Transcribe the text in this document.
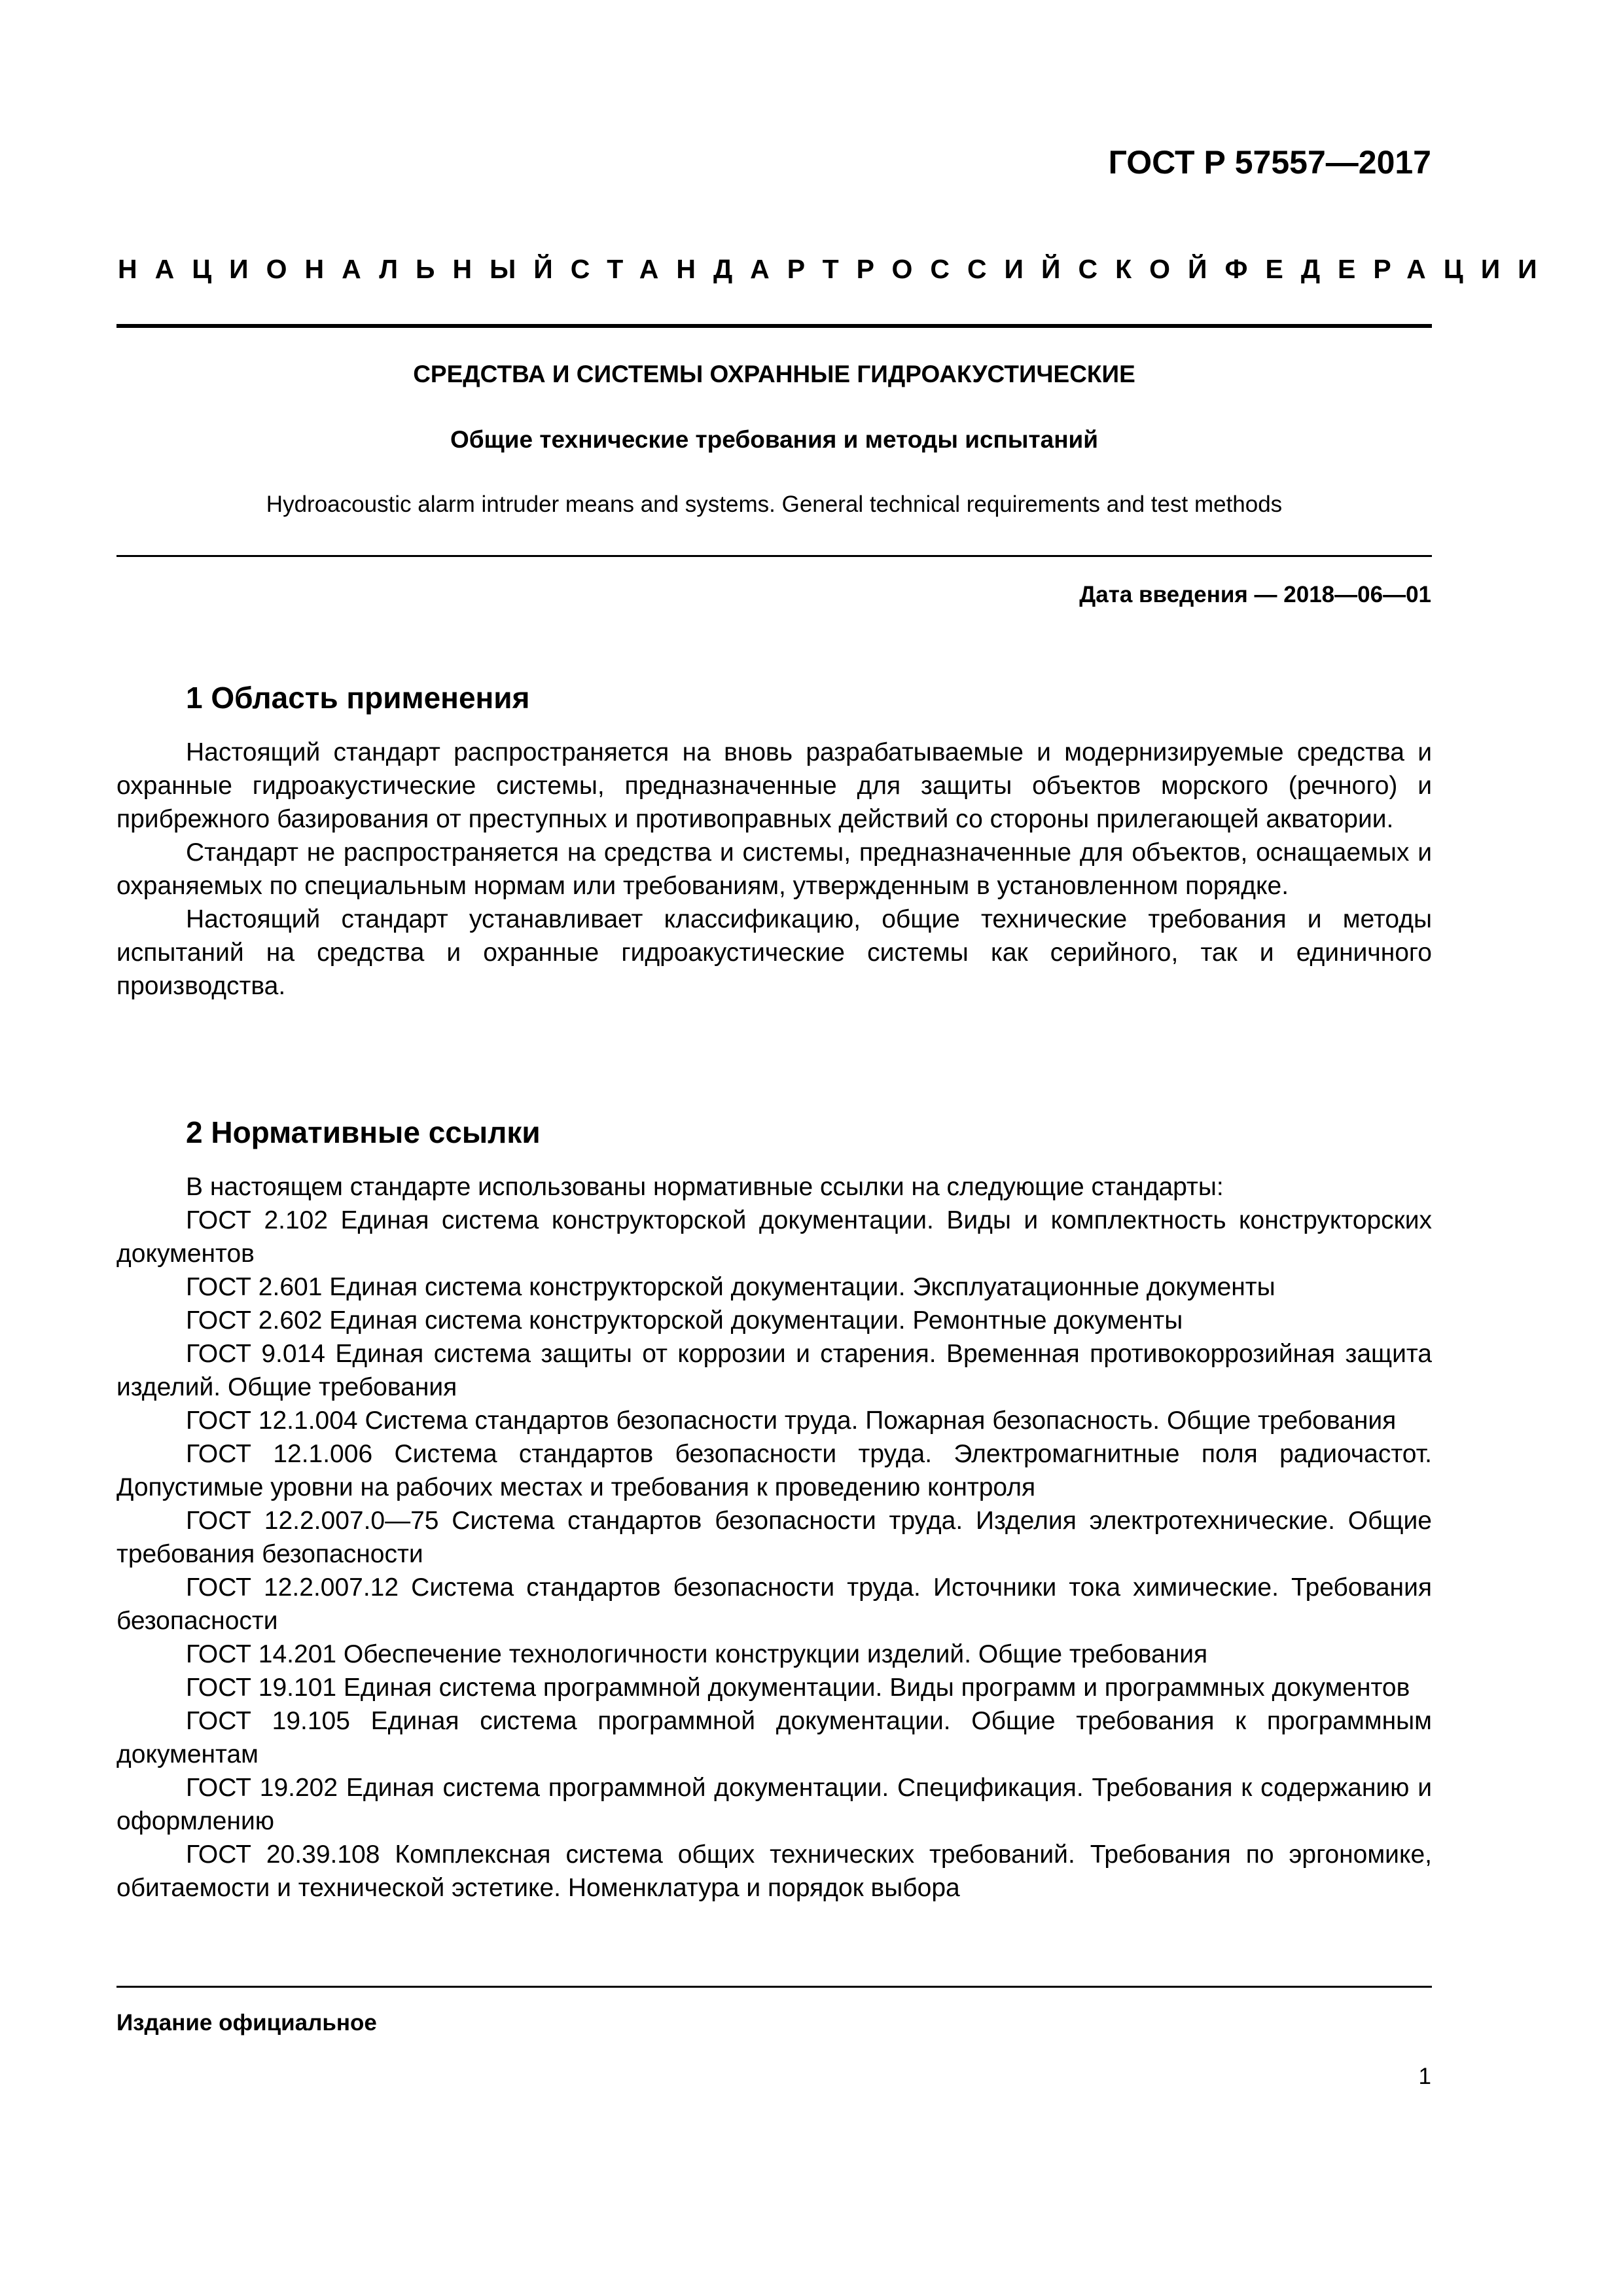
ГОСТ Р 57557—2017
НАЦИОНАЛЬНЫЙ СТАНДАРТ РОССИЙСКОЙ ФЕДЕРАЦИИ
СРЕДСТВА И СИСТЕМЫ ОХРАННЫЕ ГИДРОАКУСТИЧЕСКИЕ
Общие технические требования и методы испытаний
Hydroacoustic alarm intruder means and systems. General technical requirements and test methods
Дата введения — 2018—06—01
1 Область применения

Настоящий стандарт распространяется на вновь разрабатываемые и модернизируемые средства и охранные гидроакустические системы, предназначенные для защиты объектов морского (речного) и прибрежного базирования от преступных и противоправных действий со стороны прилегающей акватории.

Стандарт не распространяется на средства и системы, предназначенные для объектов, оснащаемых и охраняемых по специальным нормам или требованиям, утвержденным в установленном порядке.

Настоящий стандарт устанавливает классификацию, общие технические требования и методы испытаний на средства и охранные гидроакустические системы как серийного, так и единичного производства.

2 Нормативные ссылки

В настоящем стандарте использованы нормативные ссылки на следующие стандарты:

ГОСТ 2.102 Единая система конструкторской документации. Виды и комплектность конструкторских документов

ГОСТ 2.601 Единая система конструкторской документации. Эксплуатационные документы

ГОСТ 2.602 Единая система конструкторской документации. Ремонтные документы

ГОСТ 9.014 Единая система защиты от коррозии и старения. Временная противокоррозийная защита изделий. Общие требования

ГОСТ 12.1.004 Система стандартов безопасности труда. Пожарная безопасность. Общие требования

ГОСТ 12.1.006 Система стандартов безопасности труда. Электромагнитные поля радиочастот. Допустимые уровни на рабочих местах и требования к проведению контроля

ГОСТ 12.2.007.0—75 Система стандартов безопасности труда. Изделия электротехнические. Общие требования безопасности

ГОСТ 12.2.007.12 Система стандартов безопасности труда. Источники тока химические. Требования безопасности

ГОСТ 14.201 Обеспечение технологичности конструкции изделий. Общие требования

ГОСТ 19.101 Единая система программной документации. Виды программ и программных документов

ГОСТ 19.105 Единая система программной документации. Общие требования к программным документам

ГОСТ 19.202 Единая система программной документации. Спецификация. Требования к содержанию и оформлению

ГОСТ 20.39.108 Комплексная система общих технических требований. Требования по эргономике, обитаемости и технической эстетике. Номенклатура и порядок выбора

Издание официальное
1
